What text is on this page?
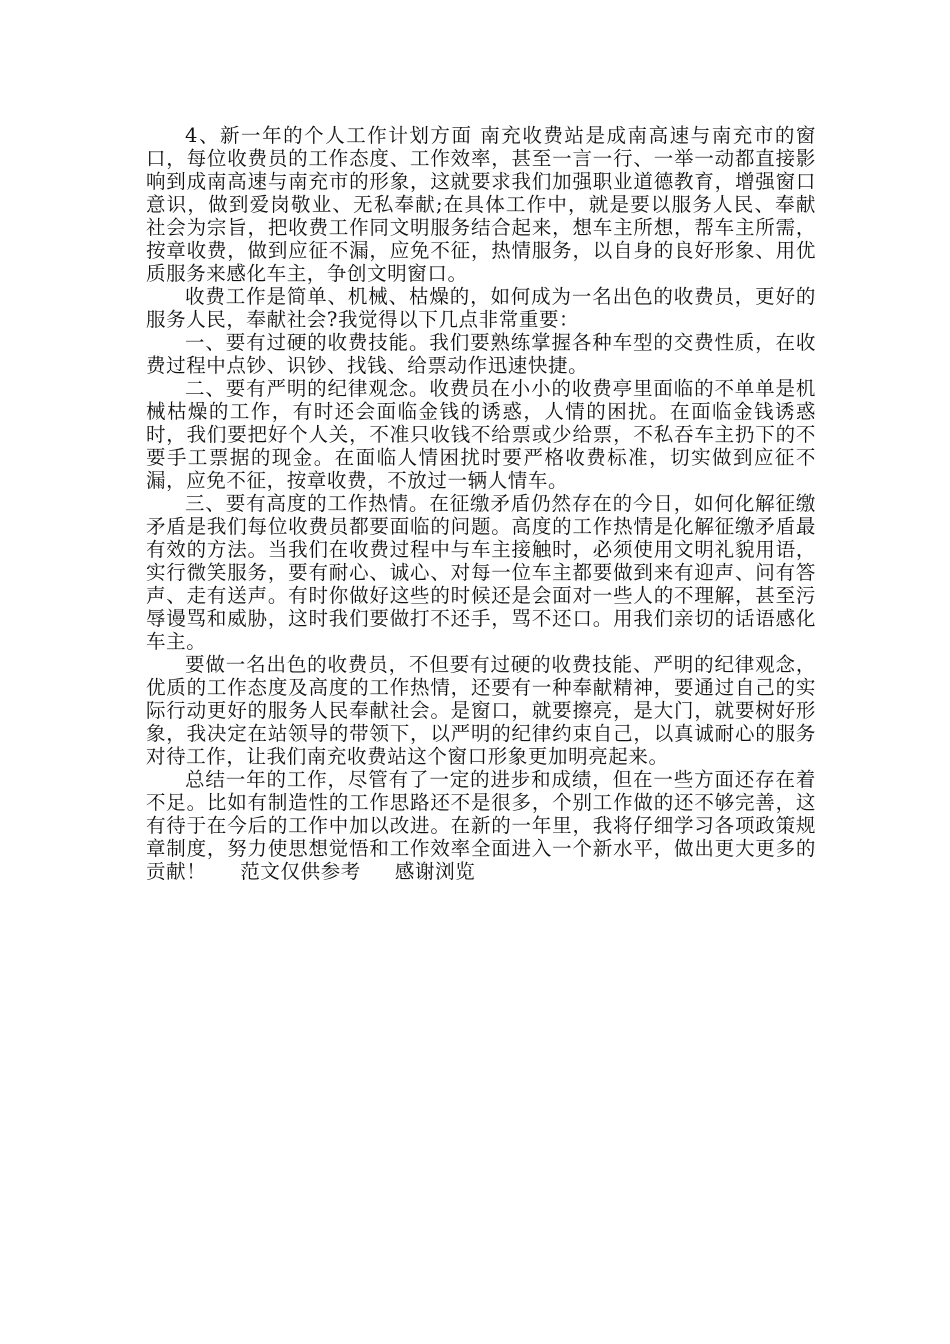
4、新一年的个人工作计划方面 南充收费站是成南高速与南充市的窗口，每位收费员的工作态度、工作效率，甚至一言一行、一举一动都直接影响到成南高速与南充市的形象，这就要求我们加强职业道德教育，增强窗口意识，做到爱岗敬业、无私奉献;在具体工作中，就是要以服务人民、奉献社会为宗旨，把收费工作同文明服务结合起来，想车主所想，帮车主所需，按章收费，做到应征不漏，应免不征，热情服务，以自身的良好形象、用优质服务来感化车主，争创文明窗口。

收费工作是简单、机械、枯燥的，如何成为一名出色的收费员，更好的服务人民，奉献社会?我觉得以下几点非常重要：

一、要有过硬的收费技能。我们要熟练掌握各种车型的交费性质，在收费过程中点钞、识钞、找钱、给票动作迅速快捷。

二、要有严明的纪律观念。收费员在小小的收费亭里面临的不单单是机械枯燥的工作，有时还会面临金钱的诱惑，人情的困扰。在面临金钱诱惑时，我们要把好个人关，不准只收钱不给票或少给票，不私吞车主扔下的不要手工票据的现金。在面临人情困扰时要严格收费标准，切实做到应征不漏，应免不征，按章收费，不放过一辆人情车。

三、要有高度的工作热情。在征缴矛盾仍然存在的今日，如何化解征缴矛盾是我们每位收费员都要面临的问题。高度的工作热情是化解征缴矛盾最有效的方法。当我们在收费过程中与车主接触时，必须使用文明礼貌用语，实行微笑服务，要有耐心、诚心、对每一位车主都要做到来有迎声、问有答声、走有送声。有时你做好这些的时候还是会面对一些人的不理解，甚至污辱谩骂和威胁，这时我们要做打不还手，骂不还口。用我们亲切的话语感化车主。

要做一名出色的收费员，不但要有过硬的收费技能、严明的纪律观念，优质的工作态度及高度的工作热情，还要有一种奉献精神，要通过自己的实际行动更好的服务人民奉献社会。是窗口，就要擦亮，是大门，就要树好形象，我决定在站领导的带领下，以严明的纪律约束自己，以真诚耐心的服务对待工作，让我们南充收费站这个窗口形象更加明亮起来。

总结一年的工作，尽管有了一定的进步和成绩，但在一些方面还存在着不足。比如有制造性的工作思路还不是很多，个别工作做的还不够完善，这有待于在今后的工作中加以改进。在新的一年里，我将仔细学习各项政策规章制度，努力使思想觉悟和工作效率全面进入一个新水平，做出更大更多的贡献！     范文仅供参考     感谢浏览
